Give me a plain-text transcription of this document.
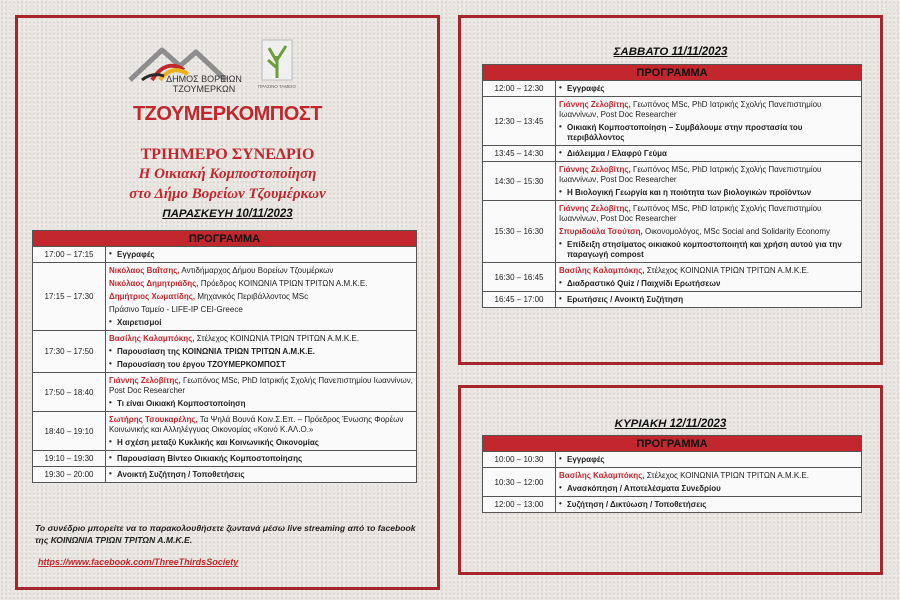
ΔΗΜΟΣ ΒΟΡΕΙΩΝ
ΤΖΟΥΜΕΡΚΩΝ	ΠΡΑΣΙΝΟ ΤΑΜΕΙΟ
ΤΖΟΥΜΕΡΚΟΜΠΟΣΤ
ΤΡΙΗΜΕΡΟ ΣΥΝΕΔΡΙΟ
Η Οικιακή Κομποστοποίηση
στο Δήμο Βορείων Τζουμέρκων
ΠΑΡΑΣΚΕΥΗ 10/11/2023
ΠΡΟΓΡΑΜΜΑ	
17:00 – 17:15	• Εγγραφές

17:15 – 17:30	Νικόλαος Βαΐτσης, Αντιδήμαρχος Δήμου Βορείων Τζουμέρκων
Νικόλαος Δημητριάδης, Πρόεδρος ΚΟΙΝΩΝΙΑ ΤΡΙΩΝ ΤΡΙΤΩΝ Α.Μ.Κ.Ε.
Δημήτριος Χωματίδης, Μηχανικός Περιβάλλοντος MSc
Πράσινο Ταμείο - LIFE-IP CEI-Greece
• Χαιρετισμοί

17:30 – 17:50	Βασίλης Καλαμπόκης, Στέλεχος ΚΟΙΝΩΝΙΑ ΤΡΙΩΝ ΤΡΙΤΩΝ Α.Μ.Κ.Ε.
• Παρουσίαση της ΚΟΙΝΩΝΙΑ ΤΡΙΩΝ ΤΡΙΤΩΝ Α.Μ.Κ.Ε.
• Παρουσίαση του έργου ΤΖΟΥΜΕΡΚΟΜΠΟΣΤ

17:50 – 18:40	Γιάννης Ζελοβίτης, Γεωπόνος MSc, PhD Ιατρικής Σχολής Πανεπιστημίου Ιωαννίνων, Post Doc Researcher
• Τι είναι Οικιακή Κομποστοποίηση

18:40 – 19:10	Σωτήρης Τσουκαρέλης, Τα Ψηλά Βουνά Κοιν.Σ.Επ. – Πρόεδρος Ένωσης Φορέων Κοινωνικής και Αλληλέγγυας Οικονομίας «Κοινό Κ.ΑΛ.Ο.»
• Η σχέση μεταξύ Κυκλικής και Κοινωνικής Οικονομίας

19:10 – 19:30	• Παρουσίαση Βίντεο Οικιακής Κομποστοποίησης

19:30 – 20:00	• Ανοικτή Συζήτηση / Τοποθετήσεις
Το συνέδριο μπορείτε να το παρακολουθήσετε ζωντανά μέσω live streaming από το facebook της ΚΟΙΝΩΝΙΑ ΤΡΙΩΝ ΤΡΙΤΩΝ Α.Μ.Κ.Ε.
https://www.facebook.com/ThreeThirdsSociety
ΣΑΒΒΑΤΟ 11/11/2023
ΠΡΟΓΡΑΜΜΑ	
12:00 – 12:30	• Εγγραφές

12:30 – 13:45	Γιάννης Ζελοβίτης, Γεωπόνος MSc, PhD Ιατρικής Σχολής Πανεπιστημίου Ιωαννίνων, Post Doc Researcher
• Οικιακή Κομποστοποίηση – Συμβάλουμε στην προστασία του περιβάλλοντος

13:45 – 14:30	• Διάλειμμα / Ελαφρύ Γεύμα

14:30 – 15:30	Γιάννης Ζελοβίτης, Γεωπόνος MSc, PhD Ιατρικής Σχολής Πανεπιστημίου Ιωαννίνων, Post Doc Researcher
• Η Βιολογική Γεωργία και η ποιότητα των βιολογικών προϊόντων

15:30 – 16:30	Γιάννης Ζελοβίτης, Γεωπόνος MSc, PhD Ιατρικής Σχολής Πανεπιστημίου Ιωαννίνων, Post Doc Researcher
Σπυριδούλα Τσούτση, Οικονομολόγος, MSc Social and Solidarity Economy
• Επίδειξη στησίματος οικιακού κομποστοποιητή και χρήση αυτού για την παραγωγή compost

16:30 – 16:45	Βασίλης Καλαμπόκης, Στέλεχος ΚΟΙΝΩΝΙΑ ΤΡΙΩΝ ΤΡΙΤΩΝ Α.Μ.Κ.Ε.
• Διαδραστικό Quiz / Παιχνίδι Ερωτήσεων

16:45 – 17:00	• Ερωτήσεις / Ανοικτή Συζήτηση
ΚΥΡΙΑΚΗ 12/11/2023
ΠΡΟΓΡΑΜΜΑ	
10:00 – 10:30	• Εγγραφές

10:30 – 12:00	Βασίλης Καλαμπόκης, Στέλεχος ΚΟΙΝΩΝΙΑ ΤΡΙΩΝ ΤΡΙΤΩΝ Α.Μ.Κ.Ε.
• Ανασκόπηση / Αποτελέσματα Συνεδρίου

12:00 – 13:00	• Συζήτηση / Δικτύωση / Τοποθετήσεις
